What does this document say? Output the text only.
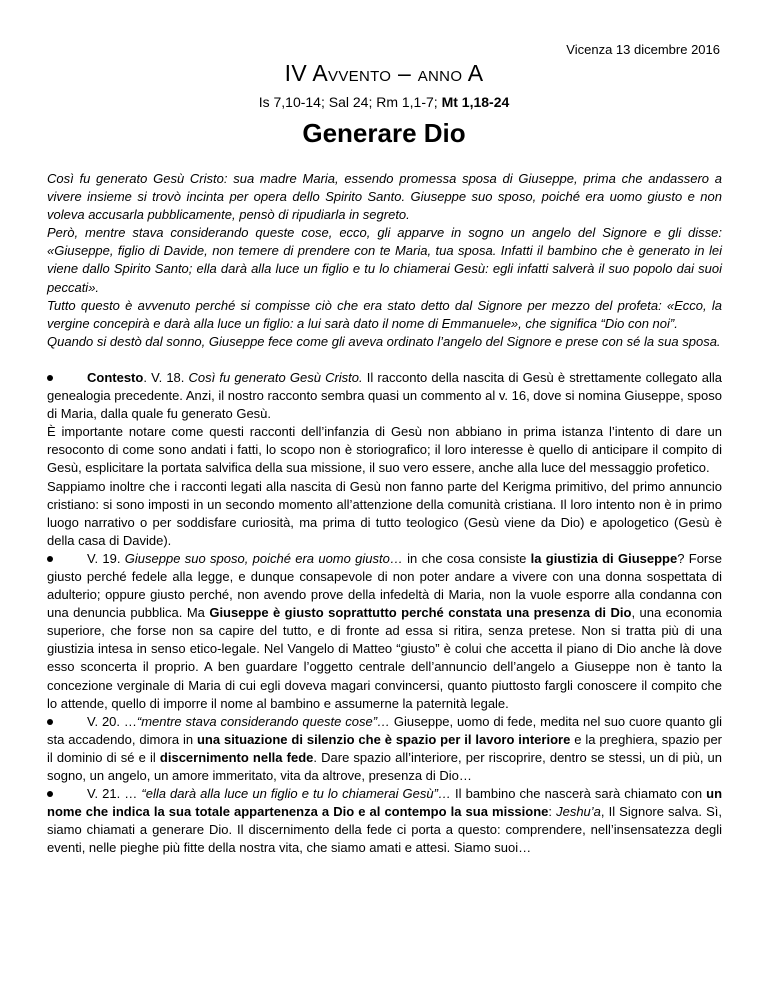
Vicenza 13 dicembre 2016
IV AVVENTO – ANNO A
Is 7,10-14; Sal 24; Rm 1,1-7; Mt 1,18-24
Generare Dio

Così fu generato Gesù Cristo: sua madre Maria, essendo promessa sposa di Giuseppe, prima che andassero a vivere insieme si trovò incinta per opera dello Spirito Santo. Giuseppe suo sposo, poiché era uomo giusto e non voleva accusarla pubblicamente, pensò di ripudiarla in segreto.

Però, mentre stava considerando queste cose, ecco, gli apparve in sogno un angelo del Signore e gli disse: «Giuseppe, figlio di Davide, non temere di prendere con te Maria, tua sposa. Infatti il bambino che è generato in lei viene dallo Spirito Santo; ella darà alla luce un figlio e tu lo chiamerai Gesù: egli infatti salverà il suo popolo dai suoi peccati».

Tutto questo è avvenuto perché si compisse ciò che era stato detto dal Signore per mezzo del profeta: «Ecco, la vergine concepirà e darà alla luce un figlio: a lui sarà dato il nome di Emmanuele», che significa “Dio con noi”.

Quando si destò dal sonno, Giuseppe fece come gli aveva ordinato l’angelo del Signore e prese con sé la sua sposa.

Contesto. V. 18. Così fu generato Gesù Cristo. Il racconto della nascita di Gesù è strettamente collegato alla genealogia precedente. Anzi, il nostro racconto sembra quasi un commento al v. 16, dove si nomina Giuseppe, sposo di Maria, dalla quale fu generato Gesù.

È importante notare come questi racconti dell’infanzia di Gesù non abbiano in prima istanza l’intento di dare un resoconto di come sono andati i fatti, lo scopo non è storiografico; il loro interesse è quello di anticipare il compito di Gesù, esplicitare la portata salvifica della sua missione, il suo vero essere, anche alla luce del messaggio profetico.

Sappiamo inoltre che i racconti legati alla nascita di Gesù non fanno parte del Kerigma primitivo, del primo annuncio cristiano: si sono imposti in un secondo momento all’attenzione della comunità cristiana. Il loro intento non è in primo luogo narrativo o per soddisfare curiosità, ma prima di tutto teologico (Gesù viene da Dio) e apologetico (Gesù è della casa di Davide).

V. 19. Giuseppe suo sposo, poiché era uomo giusto… in che cosa consiste la giustizia di Giuseppe? Forse giusto perché fedele alla legge, e dunque consapevole di non poter andare a vivere con una donna sospettata di adulterio; oppure giusto perché, non avendo prove della infedeltà di Maria, non la vuole esporre alla condanna con una denuncia pubblica. Ma Giuseppe è giusto soprattutto perché constata una presenza di Dio, una economia superiore, che forse non sa capire del tutto, e di fronte ad essa si ritira, senza pretese. Non si tratta più di una giustizia intesa in senso etico-legale. Nel Vangelo di Matteo “giusto” è colui che accetta il piano di Dio anche là dove esso sconcerta il proprio. A ben guardare l’oggetto centrale dell’annuncio dell’angelo a Giuseppe non è tanto la concezione verginale di Maria di cui egli doveva magari convincersi, quanto piuttosto fargli conoscere il compito che lo attende, quello di imporre il nome al bambino e assumerne la paternità legale.

V. 20. …“mentre stava considerando queste cose”… Giuseppe, uomo di fede, medita nel suo cuore quanto gli sta accadendo, dimora in una situazione di silenzio che è spazio per il lavoro interiore e la preghiera, spazio per il dominio di sé e il discernimento nella fede. Dare spazio all’interiore, per riscoprire, dentro se stessi, un di più, un sogno, un angelo, un amore immeritato, vita da altrove, presenza di Dio…

V. 21. … “ella darà alla luce un figlio e tu lo chiamerai Gesù”… Il bambino che nascerà sarà chiamato con un nome che indica la sua totale appartenenza a Dio e al contempo la sua missione: Jeshu’a, Il Signore salva. Sì, siamo chiamati a generare Dio. Il discernimento della fede ci porta a questo: comprendere, nell’insensatezza degli eventi, nelle pieghe più fitte della nostra vita, che siamo amati e attesi. Siamo suoi…
